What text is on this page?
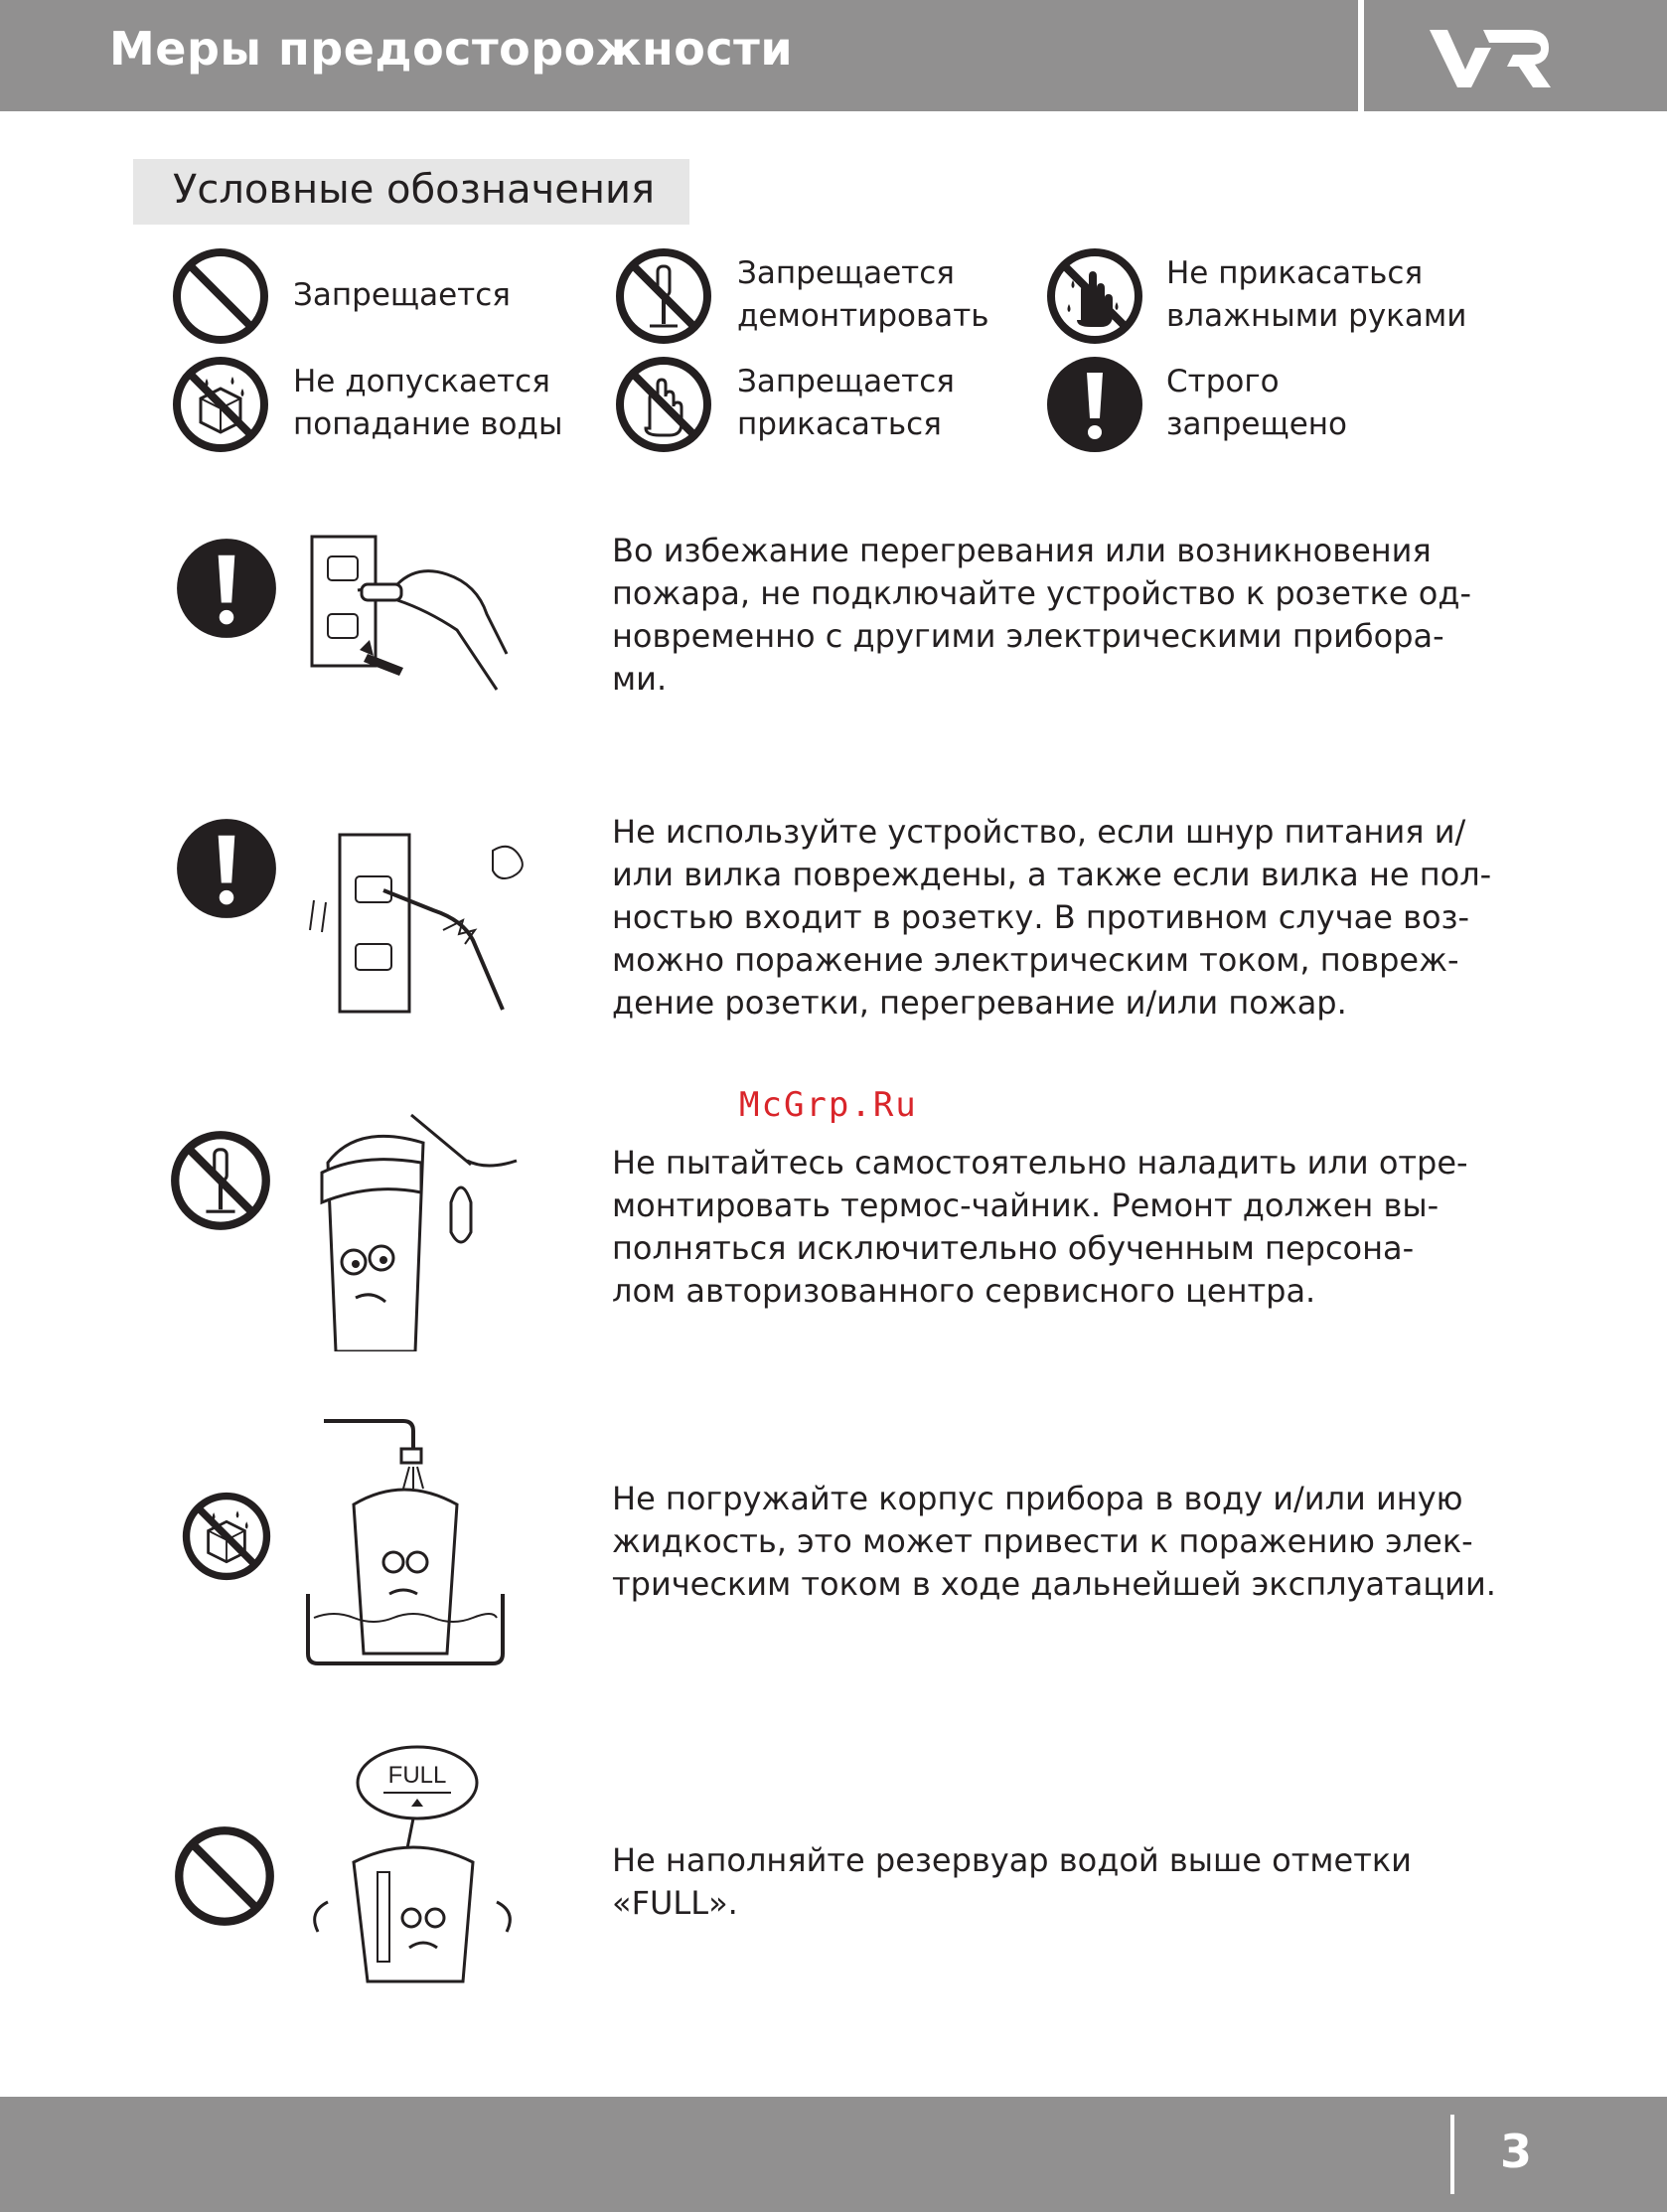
Меры предосторожности
Условные обозначения
Запрещается
Запрещается
демонтировать
Не прикасаться
влажными руками
Не допускается
попадание воды
Запрещается
прикасаться
Строго
запрещено
Во избежание перегревания или возникновения
пожара, не подключайте устройство к розетке од-
новременно с другими электрическими прибора-
ми.
Не используйте устройство, если шнур питания и/
или вилка повреждены, а также если вилка не пол-
ностью входит в розетку. В противном случае воз-
можно поражение электрическим током, повреж-
дение розетки, перегревание и/или пожар.
McGrp.Ru
Не пытайтесь самостоятельно наладить или отре-
монтировать термос-чайник. Ремонт должен вы-
полняться исключительно обученным персона-
лом авторизованного сервисного центра.
Не погружайте корпус прибора в воду и/или иную
жидкость, это может привести к поражению элек-
трическим током в ходе дальнейшей эксплуатации.
FULL
Не наполняйте резервуар водой выше отметки
«FULL».
3
